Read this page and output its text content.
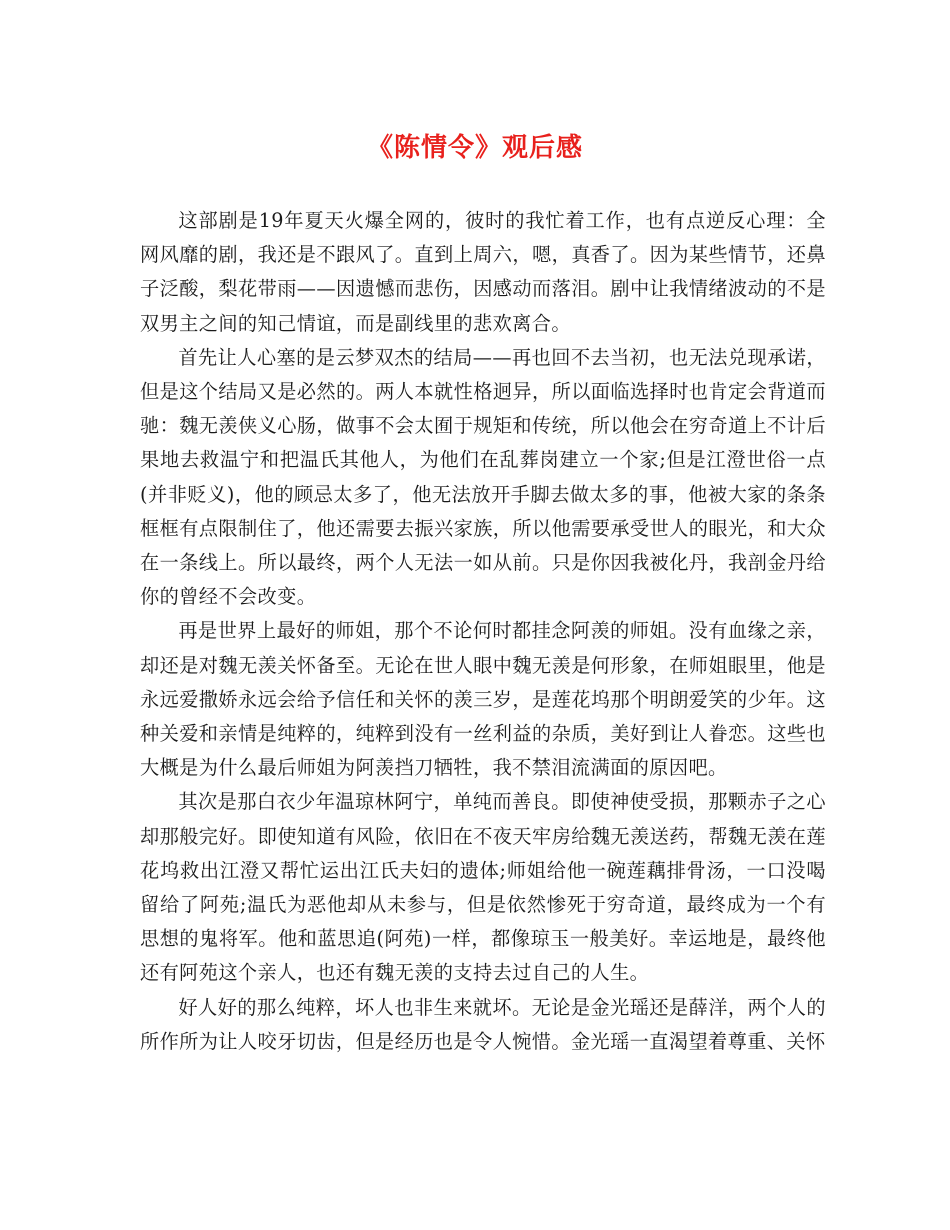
《陈情令》观后感

这部剧是19年夏天火爆全网的，彼时的我忙着工作，也有点逆反心理：全网风靡的剧，我还是不跟风了。直到上周六，嗯，真香了。因为某些情节，还鼻子泛酸，梨花带雨——因遗憾而悲伤，因感动而落泪。剧中让我情绪波动的不是双男主之间的知己情谊，而是副线里的悲欢离合。

首先让人心塞的是云梦双杰的结局——再也回不去当初，也无法兑现承诺，但是这个结局又是必然的。两人本就性格迥异，所以面临选择时也肯定会背道而驰：魏无羡侠义心肠，做事不会太囿于规矩和传统，所以他会在穷奇道上不计后果地去救温宁和把温氏其他人，为他们在乱葬岗建立一个家;但是江澄世俗一点(并非贬义)，他的顾忌太多了，他无法放开手脚去做太多的事，他被大家的条条框框有点限制住了，他还需要去振兴家族，所以他需要承受世人的眼光，和大众在一条线上。所以最终，两个人无法一如从前。只是你因我被化丹，我剖金丹给你的曾经不会改变。

再是世界上最好的师姐，那个不论何时都挂念阿羡的师姐。没有血缘之亲，却还是对魏无羡关怀备至。无论在世人眼中魏无羡是何形象，在师姐眼里，他是永远爱撒娇永远会给予信任和关怀的羡三岁，是莲花坞那个明朗爱笑的少年。这种关爱和亲情是纯粹的，纯粹到没有一丝利益的杂质，美好到让人眷恋。这些也大概是为什么最后师姐为阿羡挡刀牺牲，我不禁泪流满面的原因吧。

其次是那白衣少年温琼林阿宁，单纯而善良。即使神使受损，那颗赤子之心却那般完好。即使知道有风险，依旧在不夜天牢房给魏无羡送药，帮魏无羡在莲花坞救出江澄又帮忙运出江氏夫妇的遗体;师姐给他一碗莲藕排骨汤，一口没喝留给了阿苑;温氏为恶他却从未参与，但是依然惨死于穷奇道，最终成为一个有思想的鬼将军。他和蓝思追(阿苑)一样，都像琼玉一般美好。幸运地是，最终他还有阿苑这个亲人，也还有魏无羡的支持去过自己的人生。

好人好的那么纯粹，坏人也非生来就坏。无论是金光瑶还是薛洋，两个人的所作所为让人咬牙切齿，但是经历也是令人惋惜。金光瑶一直渴望着尊重、关怀
